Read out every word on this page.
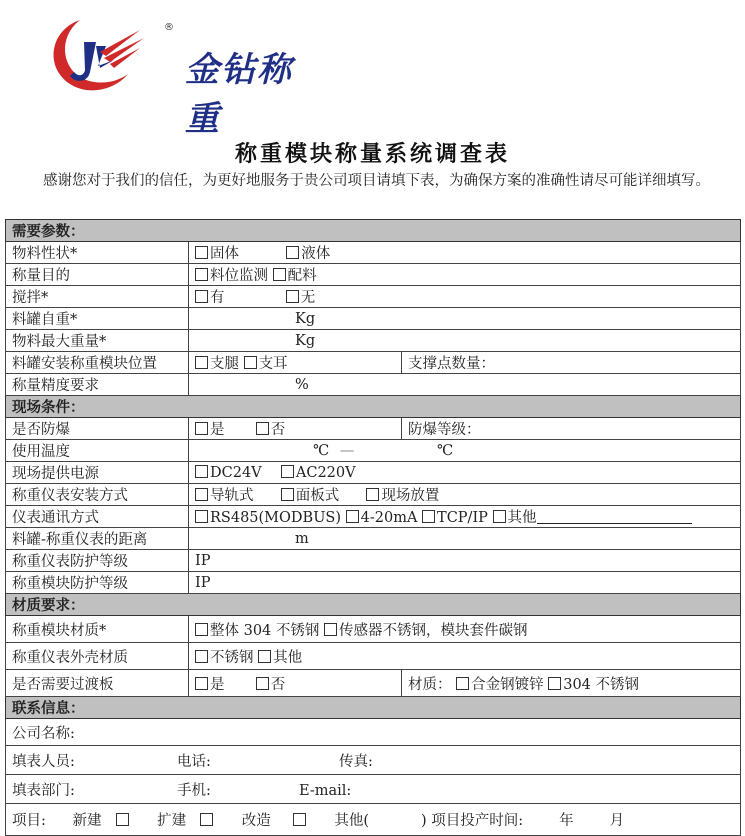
®
金钻称重
称重模块称量系统调查表
感谢您对于我们的信任，为更好地服务于贵公司项目请填下表，为确保方案的准确性请尽可能详细填写。
需要参数：		
物料性状*	固体 液体	
称量目的	料位监测 配料	
搅拌*	有 无	
料罐自重*	Kg	
物料最大重量*	Kg	
料罐安装称重模块位置	支腿 支耳	支撑点数量：
称量精度要求	%	
现场条件：		
是否防爆	是 否	防爆等级：
使用温度	℃ — ℃	
现场提供电源	DC24V AC220V	
称重仪表安装方式	导轨式 面板式 现场放置	
仪表通讯方式	RS485(MODBUS) 4-20mA TCP/IP 其他	
料罐-称重仪表的距离	m	
称重仪表防护等级	IP	
称重模块防护等级	IP	
材质要求：		
称重模块材质*	整体 304 不锈钢 传感器不锈钢，模块套件碳钢	
称重仪表外壳材质	不锈钢 其他	
是否需要过渡板	是 否	材质： 合金钢镀锌 304 不锈钢
联系信息：		
公司名称:		
填表人员: 电话: 传真:		
填表部门: 手机: E-mail:		
项目: 新建 扩建 改造 其他( ) 项目投产时间: 年 月		
